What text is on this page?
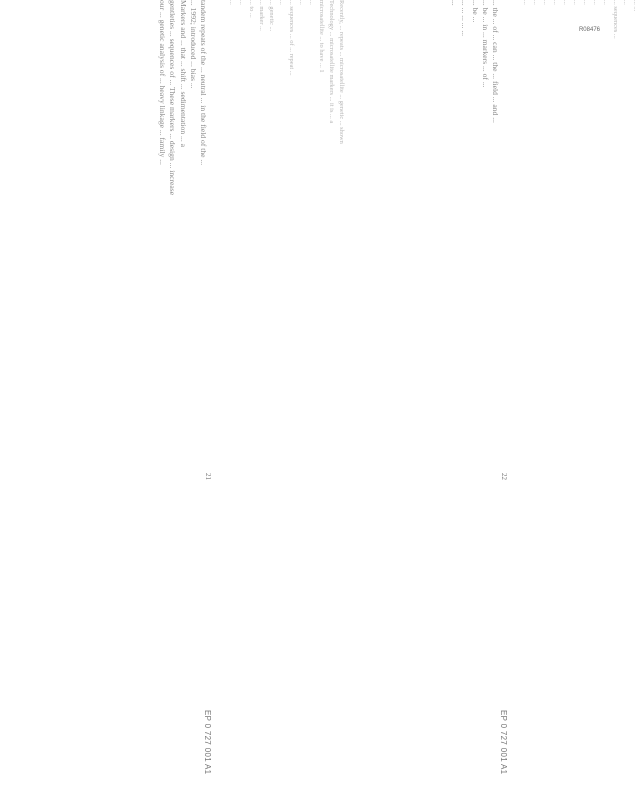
R08476
tandem repeats of the ... neutral ... in the field of the ...
... 1992; introduced ... bias ...
Markers and ... that ... shift ... sedimentation ... a
gentleties ... sequences of ... These markers ... design ... increase
our ... genetic analysis of ... heavy linkage ... family ...	... the ... of ... can ... the ... field ... and ...
... be ... in ... markers ... of ...
... be ...
... ... ... ... ...
...
Recently, ... repeats ... microsatellite ... genetic ... shown
Technology ... microsatellite markers ... it is ... a
microsatellite ... to have ... 1
...
...
... sequences ... of ... repeat ...
...
... genetic ...
... marker ...
... to ...
...
...	... ...
...
... sequences ...
...
...
...
...
...
...
...
...
...
21	22
EP 0 727 001 A1	EP 0 727 001 A1
